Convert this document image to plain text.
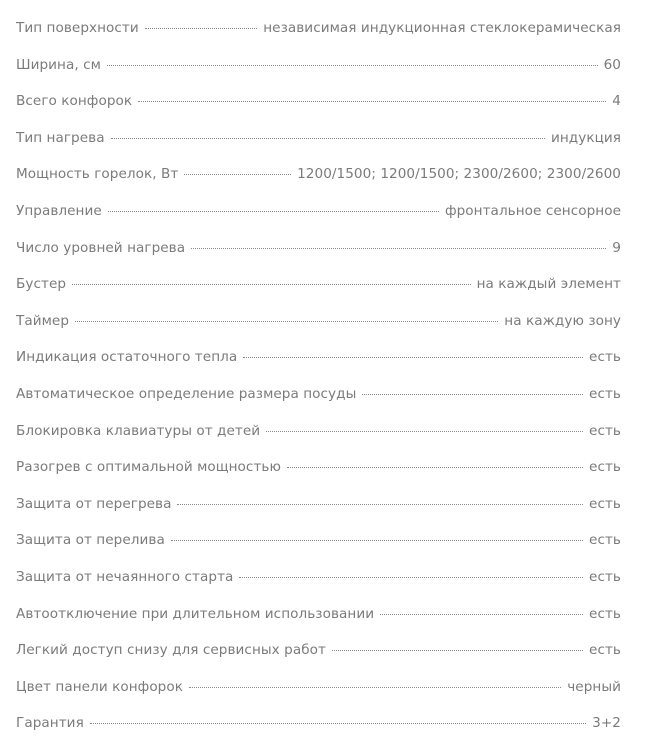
Тип поверхности	независимая индукционная стеклокерамическая
Ширина, см	60
Всего конфорок	4
Тип нагрева	индукция
Мощность горелок, Вт	1200/1500; 1200/1500; 2300/2600; 2300/2600
Управление	фронтальное сенсорное
Число уровней нагрева	9
Бустер	на каждый элемент
Таймер	на каждую зону
Индикация остаточного тепла	есть
Автоматическое определение размера посуды	есть
Блокировка клавиатуры от детей	есть
Разогрев с оптимальной мощностью	есть
Защита от перегрева	есть
Защита от перелива	есть
Защита от нечаянного старта	есть
Автоотключение при длительном использовании	есть
Легкий доступ снизу для сервисных работ	есть
Цвет панели конфорок	черный
Гарантия	3+2
